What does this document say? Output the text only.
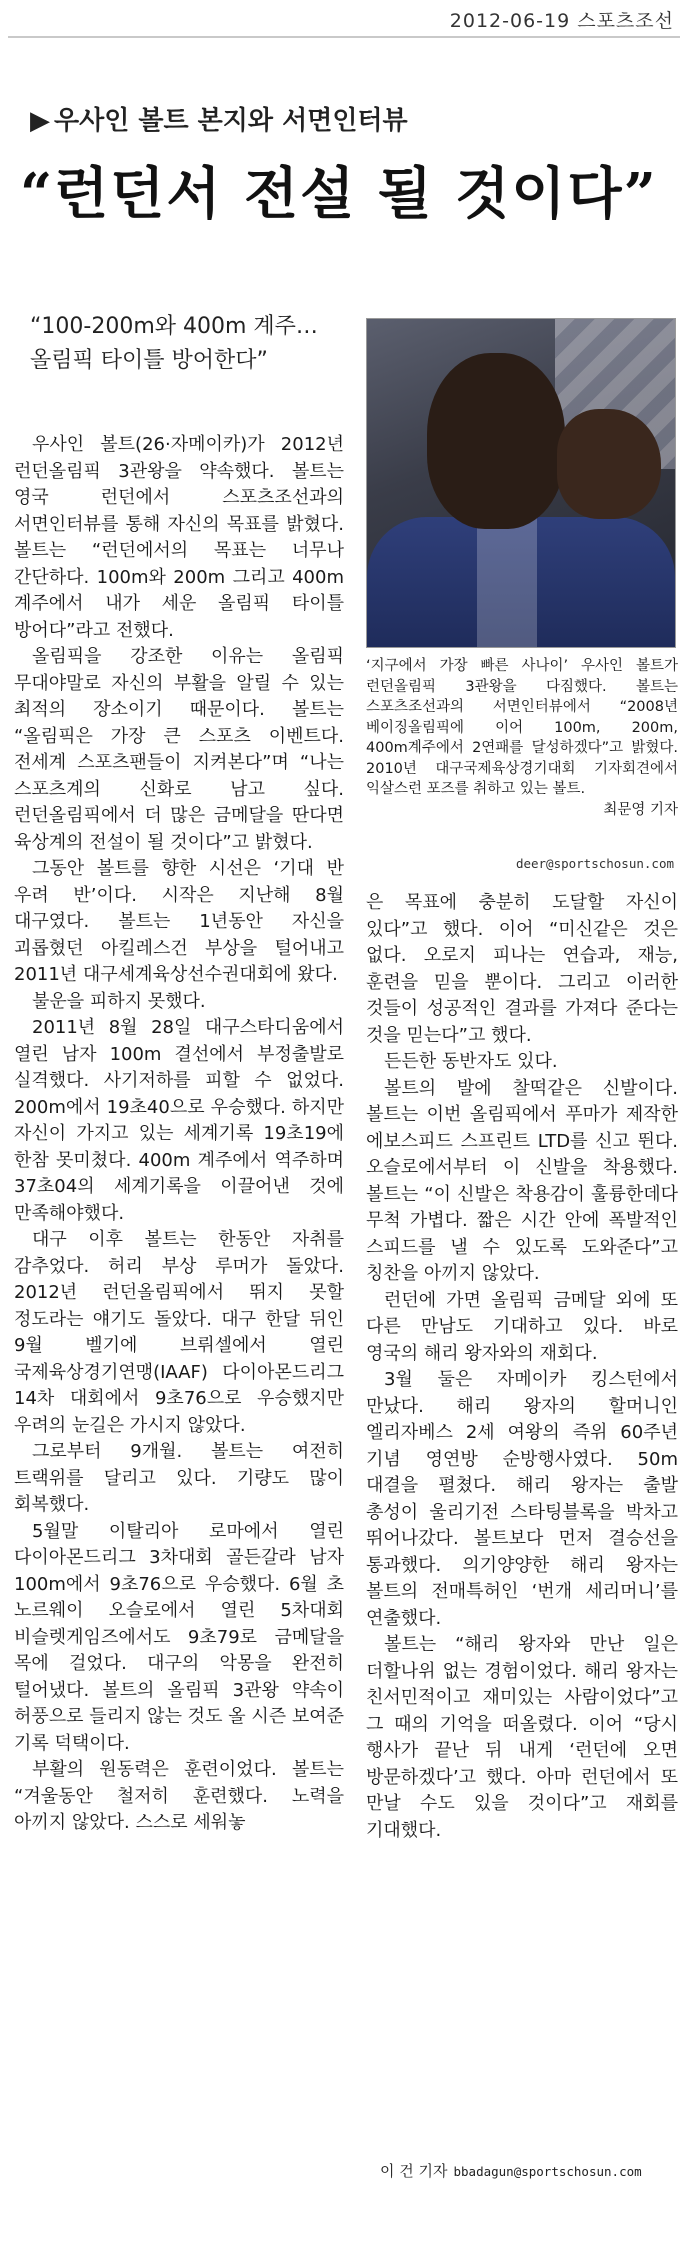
2012-06-19 스포츠조선
▶ 우사인 볼트 본지와 서면인터뷰
“런던서 전설 될 것이다”
“100-200m와 400m 계주…
올림픽 타이틀 방어한다”

우사인 볼트(26·자메이카)가 2012년 런던올림픽 3관왕을 약속했다. 볼트는 영국 런던에서 스포츠조선과의 서면인터뷰를 통해 자신의 목표를 밝혔다. 볼트는 “런던에서의 목표는 너무나 간단하다. 100m와 200m 그리고 400m 계주에서 내가 세운 올림픽 타이틀 방어다”라고 전했다.

올림픽을 강조한 이유는 올림픽 무대야말로 자신의 부활을 알릴 수 있는 최적의 장소이기 때문이다. 볼트는 “올림픽은 가장 큰 스포츠 이벤트다. 전세계 스포츠팬들이 지켜본다”며 “나는 스포츠계의 신화로 남고 싶다. 런던올림픽에서 더 많은 금메달을 딴다면 육상계의 전설이 될 것이다”고 밝혔다.

그동안 볼트를 향한 시선은 ‘기대 반 우려 반’이다. 시작은 지난해 8월 대구였다. 볼트는 1년동안 자신을 괴롭혔던 아킬레스건 부상을 털어내고 2011년 대구세계육상선수권대회에 왔다.

불운을 피하지 못했다.

2011년 8월 28일 대구스타디움에서 열린 남자 100m 결선에서 부정출발로 실격했다. 사기저하를 피할 수 없었다. 200m에서 19초40으로 우승했다. 하지만 자신이 가지고 있는 세계기록 19초19에 한참 못미쳤다. 400m 계주에서 역주하며 37초04의 세계기록을 이끌어낸 것에 만족해야했다.

대구 이후 볼트는 한동안 자취를 감추었다. 허리 부상 루머가 돌았다. 2012년 런던올림픽에서 뛰지 못할 정도라는 얘기도 돌았다. 대구 한달 뒤인 9월 벨기에 브뤼셀에서 열린 국제육상경기연맹(IAAF) 다이아몬드리그 14차 대회에서 9초76으로 우승했지만 우려의 눈길은 가시지 않았다.

그로부터 9개월. 볼트는 여전히 트랙위를 달리고 있다. 기량도 많이 회복했다.

5월말 이탈리아 로마에서 열린 다이아몬드리그 3차대회 골든갈라 남자 100m에서 9초76으로 우승했다. 6월 초 노르웨이 오슬로에서 열린 5차대회 비슬렛게임즈에서도 9초79로 금메달을 목에 걸었다. 대구의 악몽을 완전히 털어냈다. 볼트의 올림픽 3관왕 약속이 허풍으로 들리지 않는 것도 올 시즌 보여준 기록 덕택이다.

부활의 원동력은 훈련이었다. 볼트는 “겨울동안 철저히 훈련했다. 노력을 아끼지 않았다. 스스로 세워놓

‘지구에서 가장 빠른 사나이’ 우사인 볼트가 런던올림픽 3관왕을 다짐했다. 볼트는 스포츠조선과의 서면인터뷰에서 “2008년 베이징올림픽에 이어 100m, 200m, 400m계주에서 2연패를 달성하겠다”고 밝혔다. 2010년 대구국제육상경기대회 기자회견에서 익살스런 포즈를 취하고 있는 볼트.

최문영 기자
deer@sportschosun.com

은 목표에 충분히 도달할 자신이 있다”고 했다. 이어 “미신같은 것은 없다. 오로지 피나는 연습과, 재능, 훈련을 믿을 뿐이다. 그리고 이러한 것들이 성공적인 결과를 가져다 준다는 것을 믿는다”고 했다.

든든한 동반자도 있다.

볼트의 발에 찰떡같은 신발이다. 볼트는 이번 올림픽에서 푸마가 제작한 에보스피드 스프린트 LTD를 신고 뛴다. 오슬로에서부터 이 신발을 착용했다. 볼트는 “이 신발은 착용감이 훌륭한데다 무척 가볍다. 짧은 시간 안에 폭발적인 스피드를 낼 수 있도록 도와준다”고 칭찬을 아끼지 않았다.

런던에 가면 올림픽 금메달 외에 또 다른 만남도 기대하고 있다. 바로 영국의 해리 왕자와의 재회다.

3월 둘은 자메이카 킹스턴에서 만났다. 해리 왕자의 할머니인 엘리자베스 2세 여왕의 즉위 60주년 기념 영연방 순방행사였다. 50m 대결을 펼쳤다. 해리 왕자는 출발 총성이 울리기전 스타팅블록을 박차고 뛰어나갔다. 볼트보다 먼저 결승선을 통과했다. 의기양양한 해리 왕자는 볼트의 전매특허인 ‘번개 세리머니’를 연출했다.

볼트는 “해리 왕자와 만난 일은 더할나위 없는 경험이었다. 해리 왕자는 친서민적이고 재미있는 사람이었다”고 그 때의 기억을 떠올렸다. 이어 “당시 행사가 끝난 뒤 내게 ‘런던에 오면 방문하겠다’고 했다. 아마 런던에서 또 만날 수도 있을 것이다”고 재회를 기대했다.

이 건 기자 bbadagun@sportschosun.com
